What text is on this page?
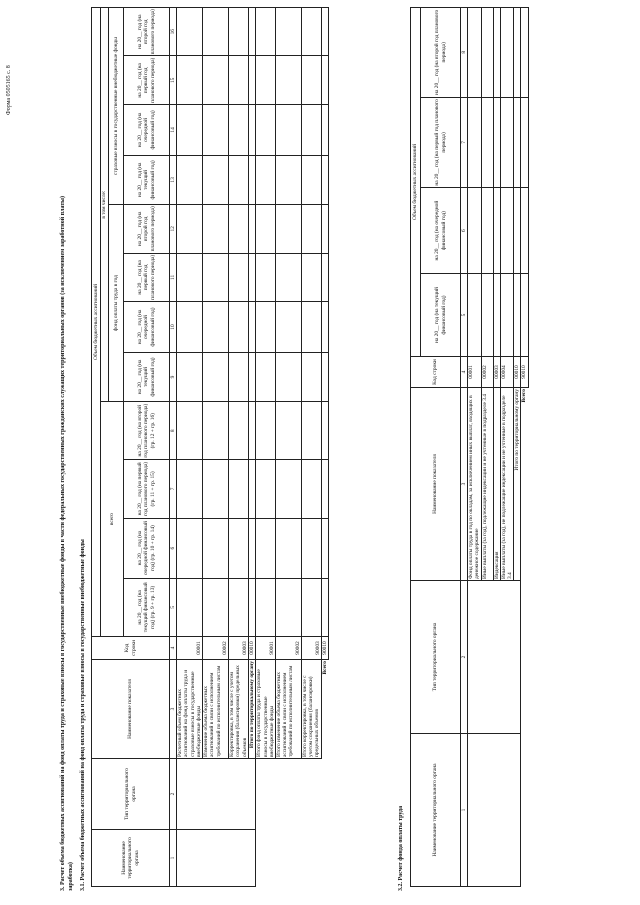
Форма 0505165 с. 8
3. Расчет объема бюджетных ассигнований на фонд оплаты труда и страховые взносы в государственные внебюджетные фонды в части федеральных государственных гражданских служащих территориальных органов (за исключением заработной платы) заработка) 3.1. Расчет объема бюджетных ассигнований на фонд оплаты труда и страховые взносы в государственные внебюджетные фонды	Наименование территориального органа	Тип территориального органа	Наименование показателя	Код строки	Объем бюджетных ассигнований											
				всего				в том числе:							
								фонд оплаты труда в год				страховые взносы в государственные внебюджетные фонды			
				на 20__ год (на текущий финансовый год) (гр. 9 + гр. 13)	на 20__ год (на очередной финансовый год) (гр. 10 + гр. 14)	на 20__ год (на первый год планового периода) (гр. 11 + гр. 15)	на 20__ год (на второй год планового периода) (гр. 12 + гр. 16)	на 20__ год (на текущий финансовый год)	на 20__ год (на очередной финансовый год)	на 20__ год (на первый год планового периода)	на 20__ год (на второй год планового периода)	на 20__ год (на текущий финансовый год)	на 20__ год (на очередной финансовый год)	на 20__ год (на первый год планового периода)	на 20__ год (на второй год планового периода)
1	2	3	4	5	6	7	8	9	10	11	12	13	14	15	16
		Расчетный объем бюджетных ассигнований на фонд оплаты труда и страховые взносы в государственные внебюджетные фонды	00001												
		Изменение объема бюджетных ассигнований в связи с исполнением требований по исполнительным листам	00002												
		Корректировка, в том числе с учетом сохранения (балансировки) предельных объемов	00003												
		Итого по территориальному органу	00010												
		Итого фонд оплаты труда и страховые взносы в государственные внебюджетные фонды	90001												
		Итого изменение объема бюджетных ассигнований в связи с исполнением требований по исполнительным листам	90002												
		Итого корректировка, в том числе с учетом сохранения (балансировки) предельных объемов	90003												
		Всего	90010												
3.2. Расчет фонда оплаты труда	Наименование территориального органа	Тип территориального органа	Наименование показателя	Код строки	Объем бюджетных ассигнований			
				на 20__ год (на текущий финансовый год)	на 20__ год (на очередной финансовый год)	на 20__ год (на первый год планового периода)	на 20__ год (на второй год планового периода)
1	2	3	4	5	6	7	8
		Фонд оплаты труда в год по окладам, за исключением иных выплат, входящих в денежное содержание	00001				
		Иные выплаты (за год), подлежащие индексации и не учтенные в подразделе 3.4	00002				
		Индексация	00003				
		Иные выплаты (за год), не подлежащие индексации и не учтенные в подразделе 3.4	00004				
		Итого по территориальному органу	00010				
		Всего	90010				
